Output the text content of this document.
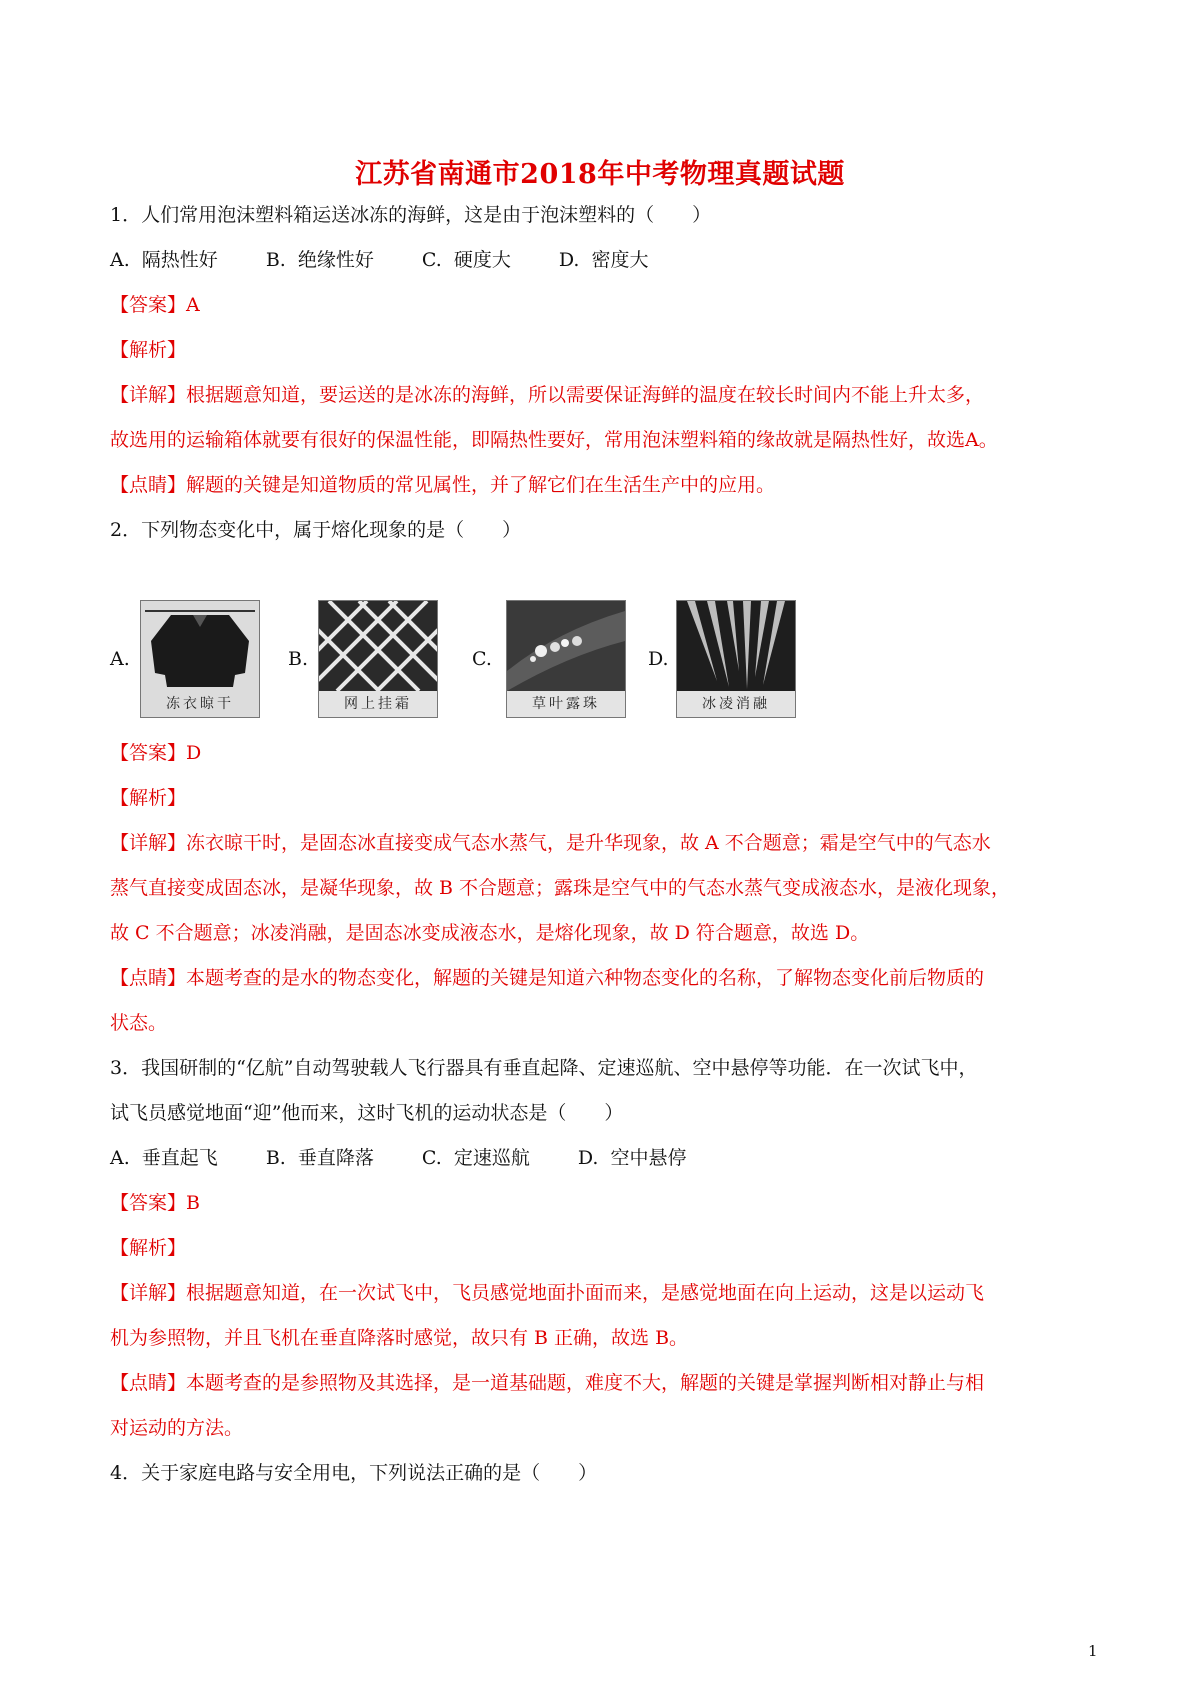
江苏省南通市2018年中考物理真题试题

1．人们常用泡沫塑料箱运送冰冻的海鲜，这是由于泡沫塑料的（　　）

A. 隔热性好	B. 绝缘性好	C. 硬度大	D. 密度大

【答案】A

【解析】

【详解】根据题意知道，要运送的是冰冻的海鲜，所以需要保证海鲜的温度在较长时间内不能上升太多，

故选用的运输箱体就要有很好的保温性能，即隔热性要好，常用泡沫塑料箱的缘故就是隔热性好，故选A。

【点睛】解题的关键是知道物质的常见属性，并了解它们在生活生产中的应用。

2．下列物态变化中，属于熔化现象的是（　　）

A.
冻衣晾干
B.
网上挂霜
C.
草叶露珠
D.
冰凌消融

【答案】D

【解析】

【详解】冻衣晾干时，是固态冰直接变成气态水蒸气，是升华现象，故 A 不合题意；霜是空气中的气态水

蒸气直接变成固态冰，是凝华现象，故 B 不合题意；露珠是空气中的气态水蒸气变成液态水，是液化现象，

故 C 不合题意；冰凌消融，是固态冰变成液态水，是熔化现象，故 D 符合题意，故选 D。

【点睛】本题考查的是水的物态变化，解题的关键是知道六种物态变化的名称，了解物态变化前后物质的

状态。

3．我国研制的“亿航”自动驾驶载人飞行器具有垂直起降、定速巡航、空中悬停等功能．在一次试飞中，

试飞员感觉地面“迎”他而来，这时飞机的运动状态是（　　）

A. 垂直起飞	B. 垂直降落	C. 定速巡航	D. 空中悬停

【答案】B

【解析】

【详解】根据题意知道，在一次试飞中，飞员感觉地面扑面而来，是感觉地面在向上运动，这是以运动飞

机为参照物，并且飞机在垂直降落时感觉，故只有 B 正确，故选 B。

【点睛】本题考查的是参照物及其选择，是一道基础题，难度不大，解题的关键是掌握判断相对静止与相

对运动的方法。

4．关于家庭电路与安全用电，下列说法正确的是（　　）

1
